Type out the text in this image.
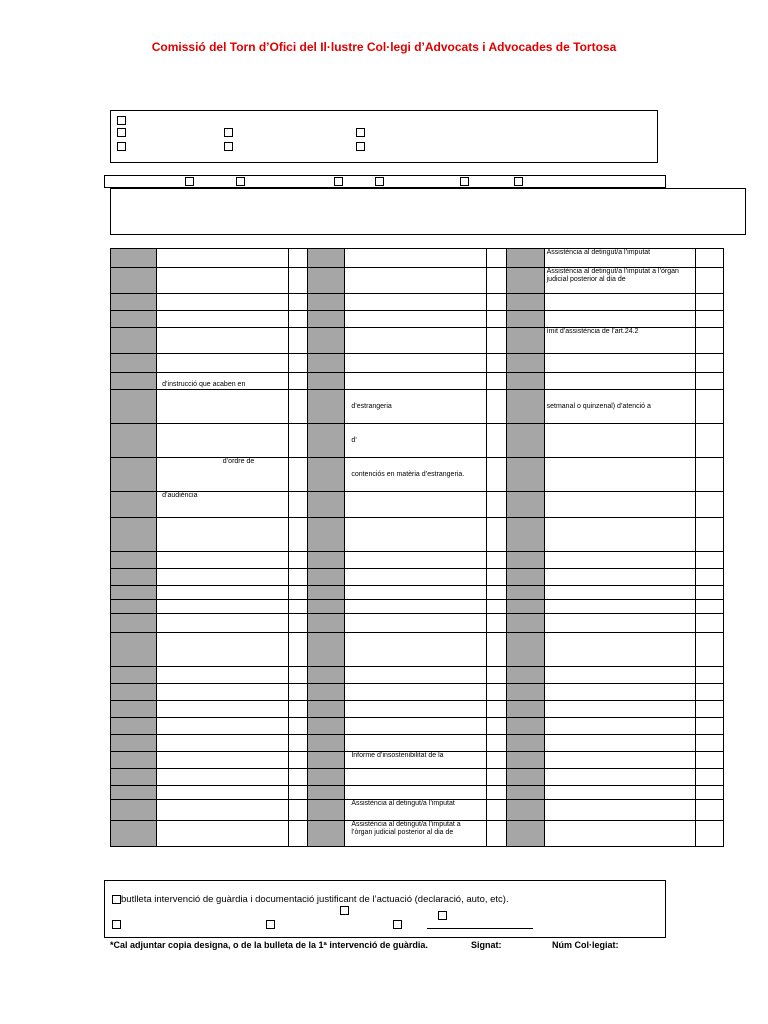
Comissió del Torn d’Ofici del Il·lustre Col·legi d’Advocats i Advocades de Tortosa
							Assistència al detingut/a l’imputat	
							Assistència al detingut/a l’imputat a l’òrgan judicial posterior al dia de	

							ímit d’assistència de l’art.24.2	

	d’instrucció que acaben en							
				d’estrangeria			setmanal o quinzenal) d’atenció a	
				d’				
	d’ordre de			contenciós en matèria d’estrangeria.				
	d’audiència							

				Informe d’insostenibilitat de la				

				Assistència al detingut/a l’imputat				
				Assistència al detingut/a l’imputat a l’òrgan judicial posterior al dia de				
butlleta intervenció de guàrdia i documentació justificant de l’actuació (declaració, auto, etc).
*Cal adjuntar copia designa, o de la bulleta de la 1ª intervenció de guàrdia.	Signat:	Núm Col·legiat:
